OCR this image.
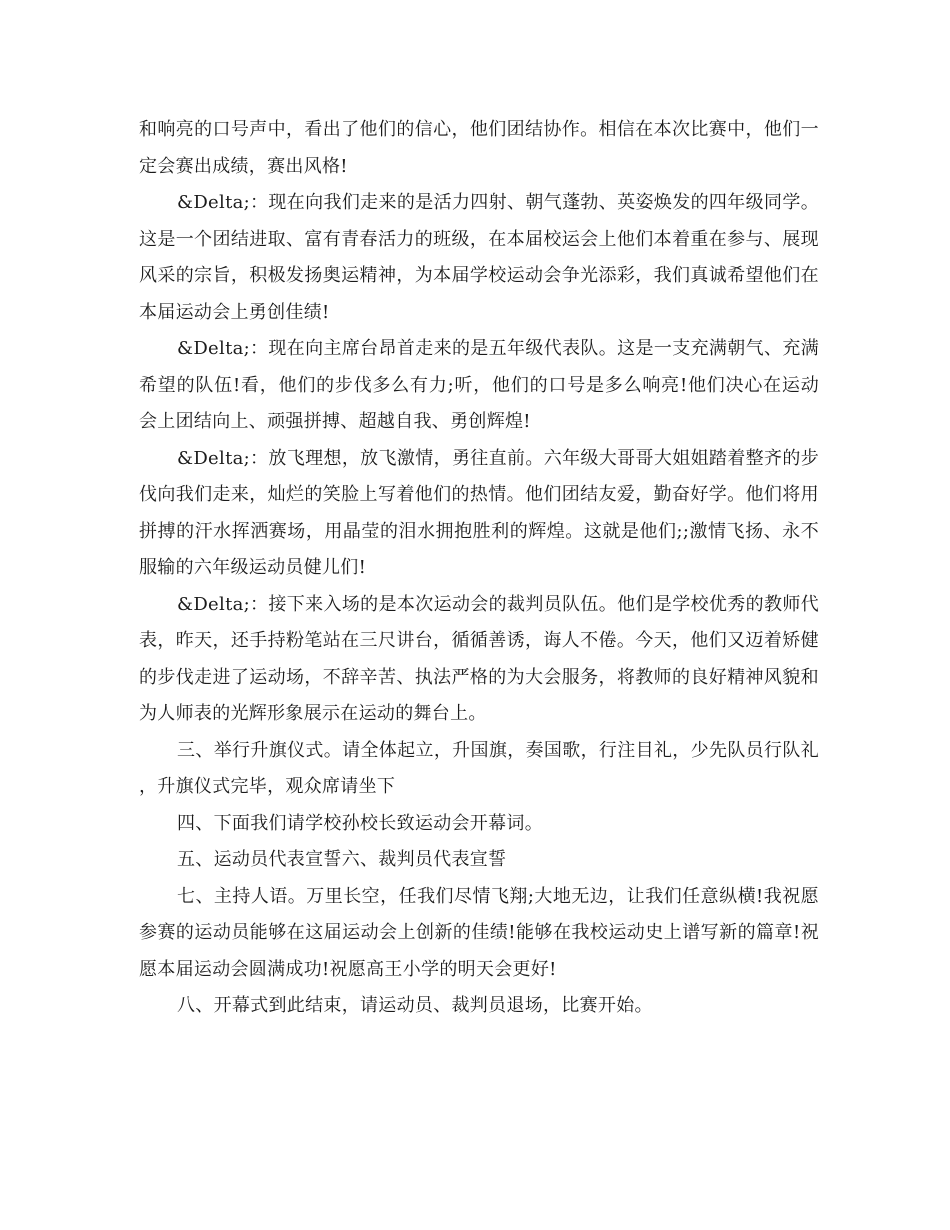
和响亮的口号声中，看出了他们的信心，他们团结协作。相信在本次比赛中，他们一定会赛出成绩，赛出风格!

&Delta;：现在向我们走来的是活力四射、朝气蓬勃、英姿焕发的四年级同学。这是一个团结进取、富有青春活力的班级，在本届校运会上他们本着重在参与、展现风采的宗旨，积极发扬奥运精神，为本届学校运动会争光添彩，我们真诚希望他们在本届运动会上勇创佳绩!

&Delta;：现在向主席台昂首走来的是五年级代表队。这是一支充满朝气、充满希望的队伍!看，他们的步伐多么有力;听，他们的口号是多么响亮!他们决心在运动会上团结向上、顽强拼搏、超越自我、勇创辉煌!

&Delta;：放飞理想，放飞激情，勇往直前。六年级大哥哥大姐姐踏着整齐的步伐向我们走来，灿烂的笑脸上写着他们的热情。他们团结友爱，勤奋好学。他们将用拼搏的汗水挥洒赛场，用晶莹的泪水拥抱胜利的辉煌。这就是他们;;激情飞扬、永不服输的六年级运动员健儿们!

&Delta;：接下来入场的是本次运动会的裁判员队伍。他们是学校优秀的教师代表，昨天，还手持粉笔站在三尺讲台，循循善诱，诲人不倦。今天，他们又迈着矫健的步伐走进了运动场，不辞辛苦、执法严格的为大会服务，将教师的良好精神风貌和为人师表的光辉形象展示在运动的舞台上。

三、举行升旗仪式。请全体起立，升国旗，奏国歌，行注目礼，少先队员行队礼，升旗仪式完毕，观众席请坐下

四、下面我们请学校孙校长致运动会开幕词。

五、运动员代表宣誓六、裁判员代表宣誓

七、主持人语。万里长空，任我们尽情飞翔;大地无边，让我们任意纵横!我祝愿参赛的运动员能够在这届运动会上创新的佳绩!能够在我校运动史上谱写新的篇章!祝愿本届运动会圆满成功!祝愿高王小学的明天会更好!

八、开幕式到此结束，请运动员、裁判员退场，比赛开始。
